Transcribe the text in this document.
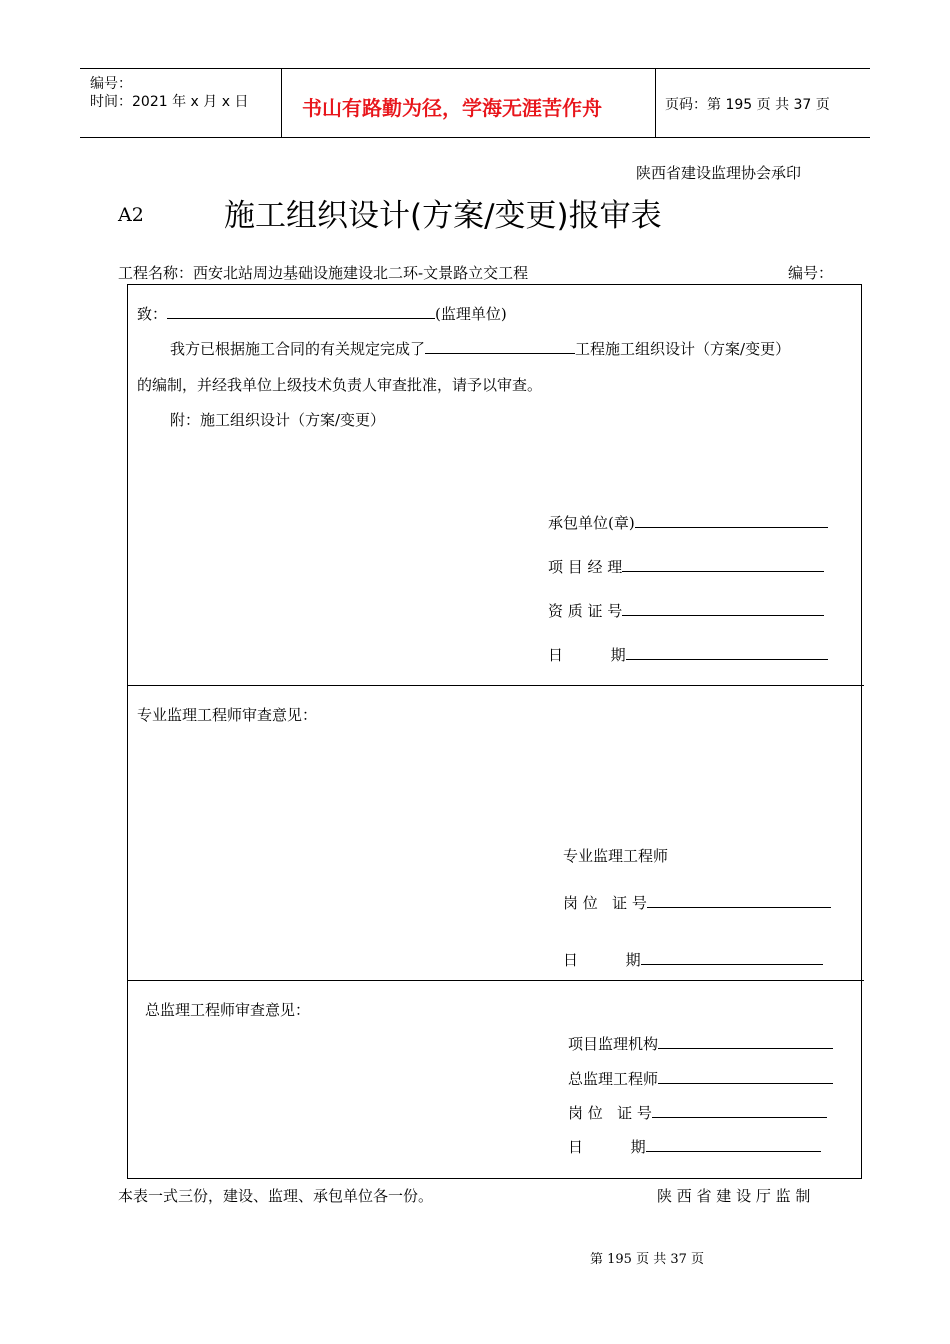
编号：
时间：2021 年 x 月 x 日	书山有路勤为径，学海无涯苦作舟	页码：第 195 页 共 37 页
陕西省建设监理协会承印
A2	施工组织设计(方案/变更)报审表
工程名称：西安北站周边基础设施建设北二环-文景路立交工程	编号：
致：	(监理单位)
我方已根据施工合同的有关规定完成了	工程施工组织设计（方案/变更）
的编制，并经我单位上级技术负责人审查批准，请予以审查。
附：施工组织设计（方案/变更）
承包单位(章)
项 目 经 理
资 质 证 号
日          期
专业监理工程师审查意见：
专业监理工程师
岗 位   证 号
日          期
总监理工程师审查意见：
项目监理机构
总监理工程师
岗 位   证 号
日          期
本表一式三份，建设、监理、承包单位各一份。	陕 西 省 建 设 厅 监 制
第 195 页 共 37 页
